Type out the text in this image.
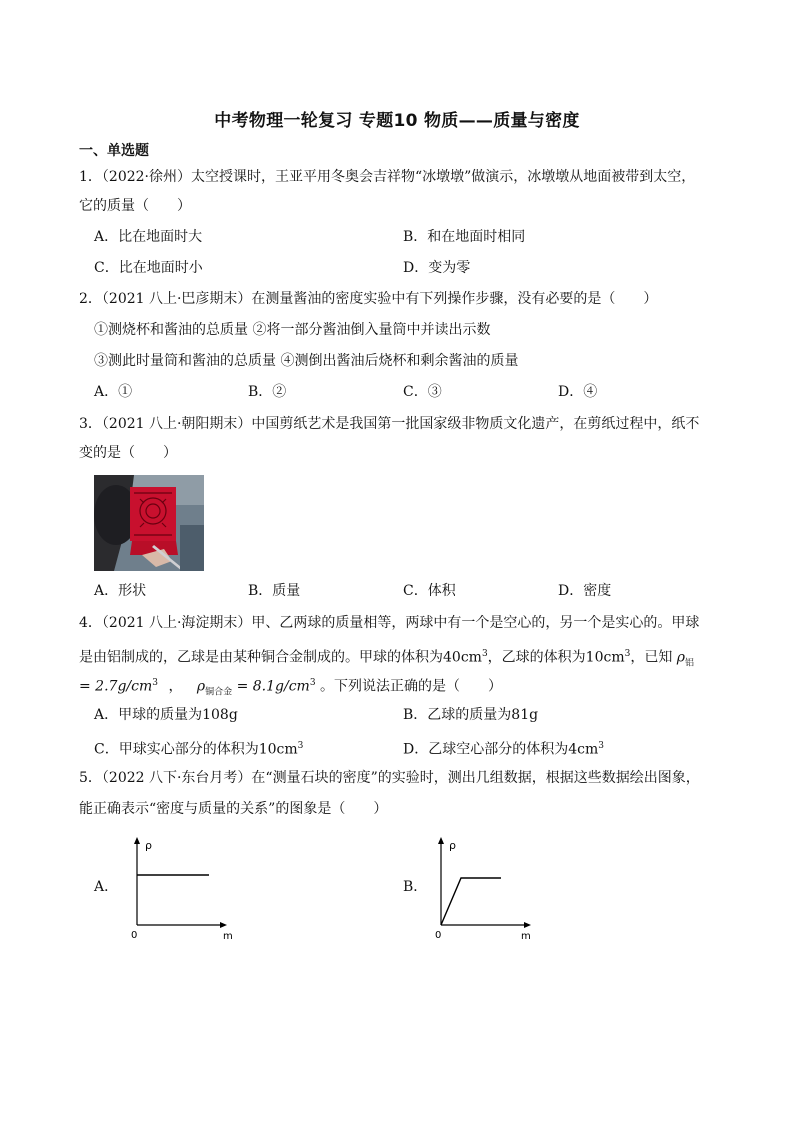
中考物理一轮复习 专题10 物质——质量与密度
一、单选题
1．（2022·徐州）太空授课时，王亚平用冬奥会吉祥物“冰墩墩”做演示，冰墩墩从地面被带到太空，
它的质量（　　）
A．比在地面时大	B．和在地面时相同
C．比在地面时小	D．变为零
2．（2021 八上·巴彦期末）在测量酱油的密度实验中有下列操作步骤，没有必要的是（　　）
①测烧杯和酱油的总质量 ②将一部分酱油倒入量筒中并读出示数
③测此时量筒和酱油的总质量 ④测倒出酱油后烧杯和剩余酱油的质量
A．①	B．②	C．③	D．④
3．（2021 八上·朝阳期末）中国剪纸艺术是我国第一批国家级非物质文化遗产，在剪纸过程中，纸不
变的是（　　）
A．形状	B．质量	C．体积	D．密度
4．（2021 八上·海淀期末）甲、乙两球的质量相等，两球中有一个是空心的，另一个是实心的。甲球
是由铝制成的，乙球是由某种铜合金制成的。甲球的体积为$40cm^3$，乙球的体积为$10cm^3$，已知 $\rho_铝$
= $2.7g/cm^3$ ， $\rho_{铜合金} = 8.1g/cm^3$ 。下列说法正确的是（　　）
A．甲球的质量为108g	B．乙球的质量为81g
C．甲球实心部分的体积为$10cm^3$	D．乙球空心部分的体积为$4cm^3$
5．（2022 八下·东台月考）在“测量石块的密度”的实验时，测出几组数据，根据这些数据绘出图象，
能正确表示“密度与质量的关系”的图象是（　　）
A．
ρ
m
0
B．
ρ
m
0
